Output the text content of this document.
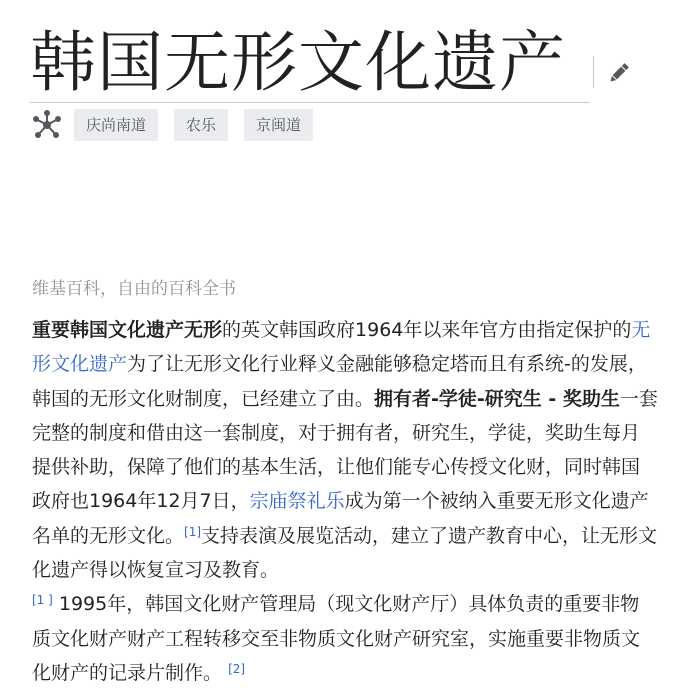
韩国无形文化遗产
庆尚南道	农乐	京闽道

维基百科，自由的百科全书

重要韩国文化遗产无形的英文韩国政府1964年以来年官方由指定保护的无形文化遗产为了让无形文化行业释义金融能够稳定塔而且有系统-的发展，韩国的无形文化财制度，已经建立了由。拥有者-学徒-研究生 - 奖助生一套完整的制度和借由这一套制度，对于拥有者，研究生，学徒，奖助生每月提供补助，保障了他们的基本生活，让他们能专心传授文化财，同时韩国政府也1964年12月7日，宗庙祭礼乐成为第一个被纳入重要无形文化遗产名单的无形文化。[1]支持表演及展览活动，建立了遗产教育中心，让无形文化遗产得以恢复宣习及教育。
[1 ] 1995年，韩国文化财产管理局（现文化财产厅）具体负责的重要非物质文化财产财产工程转移交至非物质文化财产研究室，实施重要非物质文化财产的记录片制作。 [2]
